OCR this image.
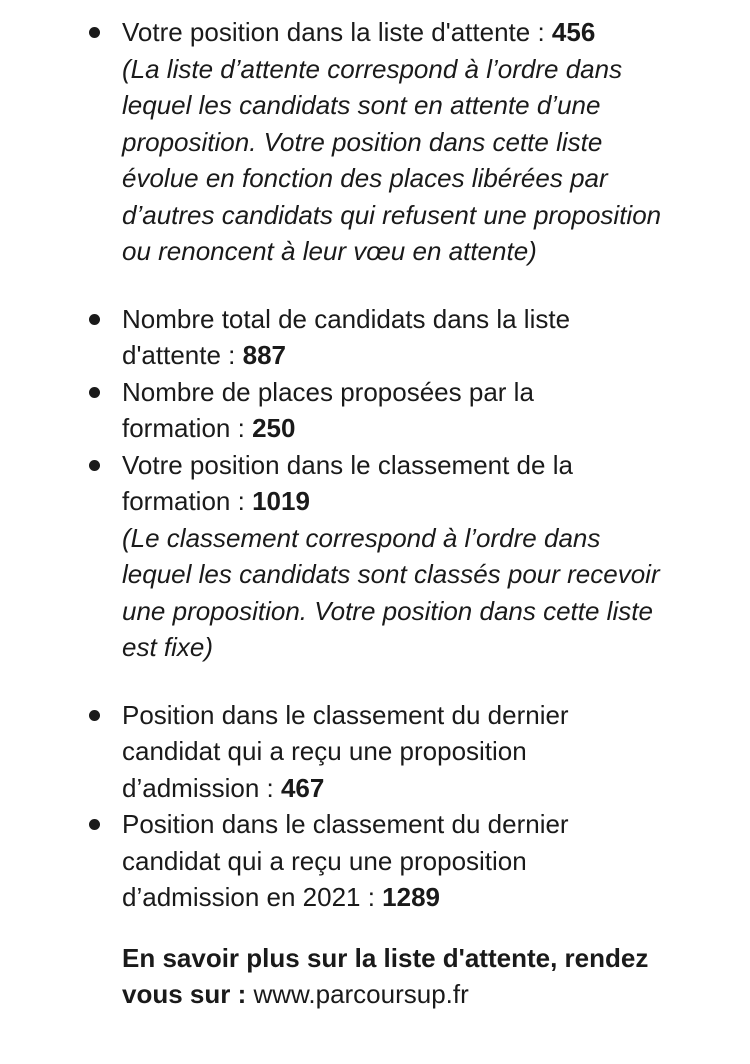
Votre position dans la liste d'attente : 456
(La liste d’attente correspond à l’ordre dans lequel les candidats sont en attente d’une proposition. Votre position dans cette liste évolue en fonction des places libérées par d’autres candidats qui refusent une proposition ou renoncent à leur vœu en attente)
Nombre total de candidats dans la liste d'attente : 887
Nombre de places proposées par la formation : 250
Votre position dans le classement de la formation : 1019
(Le classement correspond à l’ordre dans lequel les candidats sont classés pour recevoir une proposition. Votre position dans cette liste est fixe)
Position dans le classement du dernier candidat qui a reçu une proposition d’admission : 467
Position dans le classement du dernier candidat qui a reçu une proposition d’admission en 2021 : 1289

En savoir plus sur la liste d'attente, rendez vous sur : www.parcoursup.fr
